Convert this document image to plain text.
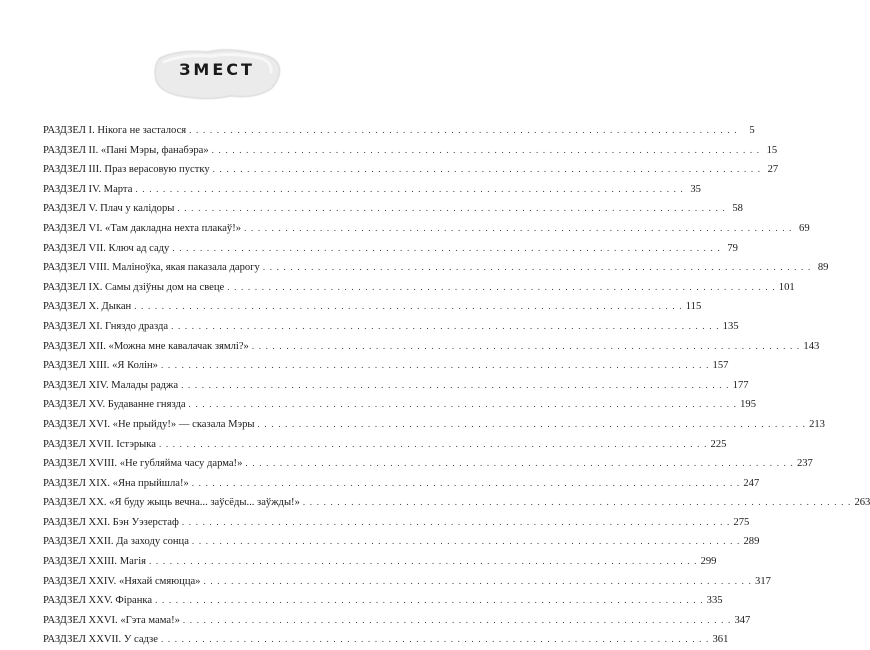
ЗМЕСТ
РАЗДЗЕЛ I. Нікога не засталося . . . . . . . . . . . . . . . . . . . . . . . . . . . . . . . . . . . . . . . . . . . . . . . . . . . . . . . . . . . . . . . . . . . . . . . . . . . . . . . .	5
РАЗДЗЕЛ II. «Пані Мэры, фанабэра» . . . . . . . . . . . . . . . . . . . . . . . . . . . . . . . . . . . . . . . . . . . . . . . . . . . . . . . . . . . . . . . . . . . . . . . . . . . . . . . . 15
РАЗДЗЕЛ III. Праз верасовую пустку . . . . . . . . . . . . . . . . . . . . . . . . . . . . . . . . . . . . . . . . . . . . . . . . . . . . . . . . . . . . . . . . . . . . . . . . . . . . . . . . 27
РАЗДЗЕЛ IV. Марта . . . . . . . . . . . . . . . . . . . . . . . . . . . . . . . . . . . . . . . . . . . . . . . . . . . . . . . . . . . . . . . . . . . . . . . . . . . . . . . . 35
РАЗДЗЕЛ V. Плач у калідоры . . . . . . . . . . . . . . . . . . . . . . . . . . . . . . . . . . . . . . . . . . . . . . . . . . . . . . . . . . . . . . . . . . . . . . . . . . . . . . . . 58
РАЗДЗЕЛ VI. «Там дакладна нехта плакаў!» . . . . . . . . . . . . . . . . . . . . . . . . . . . . . . . . . . . . . . . . . . . . . . . . . . . . . . . . . . . . . . . . . . . . . . . . . . . . . . . . 69
РАЗДЗЕЛ VII. Ключ ад саду . . . . . . . . . . . . . . . . . . . . . . . . . . . . . . . . . . . . . . . . . . . . . . . . . . . . . . . . . . . . . . . . . . . . . . . . . . . . . . . . 79
РАЗДЗЕЛ VIII. Маліноўка, якая паказала дарогу . . . . . . . . . . . . . . . . . . . . . . . . . . . . . . . . . . . . . . . . . . . . . . . . . . . . . . . . . . . . . . . . . . . . . . . . . . . . . . . . 89
РАЗДЗЕЛ IX. Самы дзіўны дом на свеце . . . . . . . . . . . . . . . . . . . . . . . . . . . . . . . . . . . . . . . . . . . . . . . . . . . . . . . . . . . . . . . . . . . . . . . . . . . . . . . . 101
РАЗДЗЕЛ X. Дыкан . . . . . . . . . . . . . . . . . . . . . . . . . . . . . . . . . . . . . . . . . . . . . . . . . . . . . . . . . . . . . . . . . . . . . . . . . . . . . . . . 115
РАЗДЗЕЛ XI. Гняздо дразда . . . . . . . . . . . . . . . . . . . . . . . . . . . . . . . . . . . . . . . . . . . . . . . . . . . . . . . . . . . . . . . . . . . . . . . . . . . . . . . . 135
РАЗДЗЕЛ XII. «Можна мне кавалачак зямлі?» . . . . . . . . . . . . . . . . . . . . . . . . . . . . . . . . . . . . . . . . . . . . . . . . . . . . . . . . . . . . . . . . . . . . . . . . . . . . . . . . 143
РАЗДЗЕЛ XIII. «Я Колін» . . . . . . . . . . . . . . . . . . . . . . . . . . . . . . . . . . . . . . . . . . . . . . . . . . . . . . . . . . . . . . . . . . . . . . . . . . . . . . . . 157
РАЗДЗЕЛ XIV. Малады раджа . . . . . . . . . . . . . . . . . . . . . . . . . . . . . . . . . . . . . . . . . . . . . . . . . . . . . . . . . . . . . . . . . . . . . . . . . . . . . . . . 177
РАЗДЗЕЛ XV. Будаванне гнязда . . . . . . . . . . . . . . . . . . . . . . . . . . . . . . . . . . . . . . . . . . . . . . . . . . . . . . . . . . . . . . . . . . . . . . . . . . . . . . . . 195
РАЗДЗЕЛ XVI. «Не прыйду!» — сказала Мэры . . . . . . . . . . . . . . . . . . . . . . . . . . . . . . . . . . . . . . . . . . . . . . . . . . . . . . . . . . . . . . . . . . . . . . . . . . . . . . . . 213
РАЗДЗЕЛ XVII. Істэрыка . . . . . . . . . . . . . . . . . . . . . . . . . . . . . . . . . . . . . . . . . . . . . . . . . . . . . . . . . . . . . . . . . . . . . . . . . . . . . . . . 225
РАЗДЗЕЛ XVIII. «Не губляйма часу дарма!» . . . . . . . . . . . . . . . . . . . . . . . . . . . . . . . . . . . . . . . . . . . . . . . . . . . . . . . . . . . . . . . . . . . . . . . . . . . . . . . . 237
РАЗДЗЕЛ XIX. «Яна прыйшла!» . . . . . . . . . . . . . . . . . . . . . . . . . . . . . . . . . . . . . . . . . . . . . . . . . . . . . . . . . . . . . . . . . . . . . . . . . . . . . . . . 247
РАЗДЗЕЛ XX. «Я буду жыць вечна... заўсёды... заўжды!» . . . . . . . . . . . . . . . . . . . . . . . . . . . . . . . . . . . . . . . . . . . . . . . . . . . . . . . . . . . . . . . . . . . . . . . . . . . . . . . . 263
РАЗДЗЕЛ XXI. Бэн Уэзерстаф . . . . . . . . . . . . . . . . . . . . . . . . . . . . . . . . . . . . . . . . . . . . . . . . . . . . . . . . . . . . . . . . . . . . . . . . . . . . . . . . 275
РАЗДЗЕЛ XXII. Да заходу сонца . . . . . . . . . . . . . . . . . . . . . . . . . . . . . . . . . . . . . . . . . . . . . . . . . . . . . . . . . . . . . . . . . . . . . . . . . . . . . . . . 289
РАЗДЗЕЛ XXIII. Магія . . . . . . . . . . . . . . . . . . . . . . . . . . . . . . . . . . . . . . . . . . . . . . . . . . . . . . . . . . . . . . . . . . . . . . . . . . . . . . . . 299
РАЗДЗЕЛ XXIV. «Няхай смяюцца» . . . . . . . . . . . . . . . . . . . . . . . . . . . . . . . . . . . . . . . . . . . . . . . . . . . . . . . . . . . . . . . . . . . . . . . . . . . . . . . . 317
РАЗДЗЕЛ XXV. Фіранка . . . . . . . . . . . . . . . . . . . . . . . . . . . . . . . . . . . . . . . . . . . . . . . . . . . . . . . . . . . . . . . . . . . . . . . . . . . . . . . . 335
РАЗДЗЕЛ XXVI. «Гэта мама!» . . . . . . . . . . . . . . . . . . . . . . . . . . . . . . . . . . . . . . . . . . . . . . . . . . . . . . . . . . . . . . . . . . . . . . . . . . . . . . . . 347
РАЗДЗЕЛ XXVII. У садзе . . . . . . . . . . . . . . . . . . . . . . . . . . . . . . . . . . . . . . . . . . . . . . . . . . . . . . . . . . . . . . . . . . . . . . . . . . . . . . . . 361
